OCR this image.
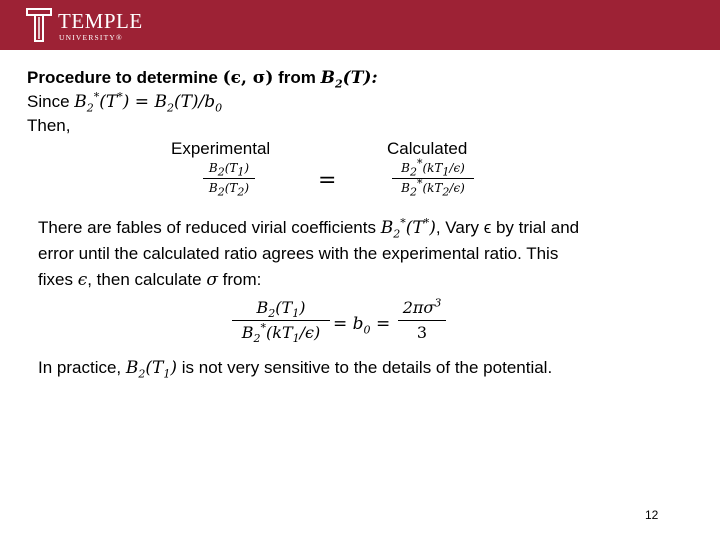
TEMPLE
UNIVERSITY®
Procedure to determine (ϵ, σ) from $B_2(T)$:
Since $B_2^*(T^*) = B_2(T)/b_0$
Then,
Experimental	Calculated
$B_2(T_1)$
$B_2(T_2)$	=	$B_2^*(kT_1/\epsilon)$
$B_2^*(kT_2/\epsilon)$
There are fables of reduced virial coefficients $B_2^*(T^*)$, Vary ϵ by trial and
error until the calculated ratio agrees with the experimental ratio. This
fixes ϵ, then calculate σ from:
$B_2(T_1)$
$B_2^*(kT_1/\epsilon) = b_0$ =
$2\pi\sigma^3$
3
In practice, $B_2(T_1)$ is not very sensitive to the details of the potential.
12
